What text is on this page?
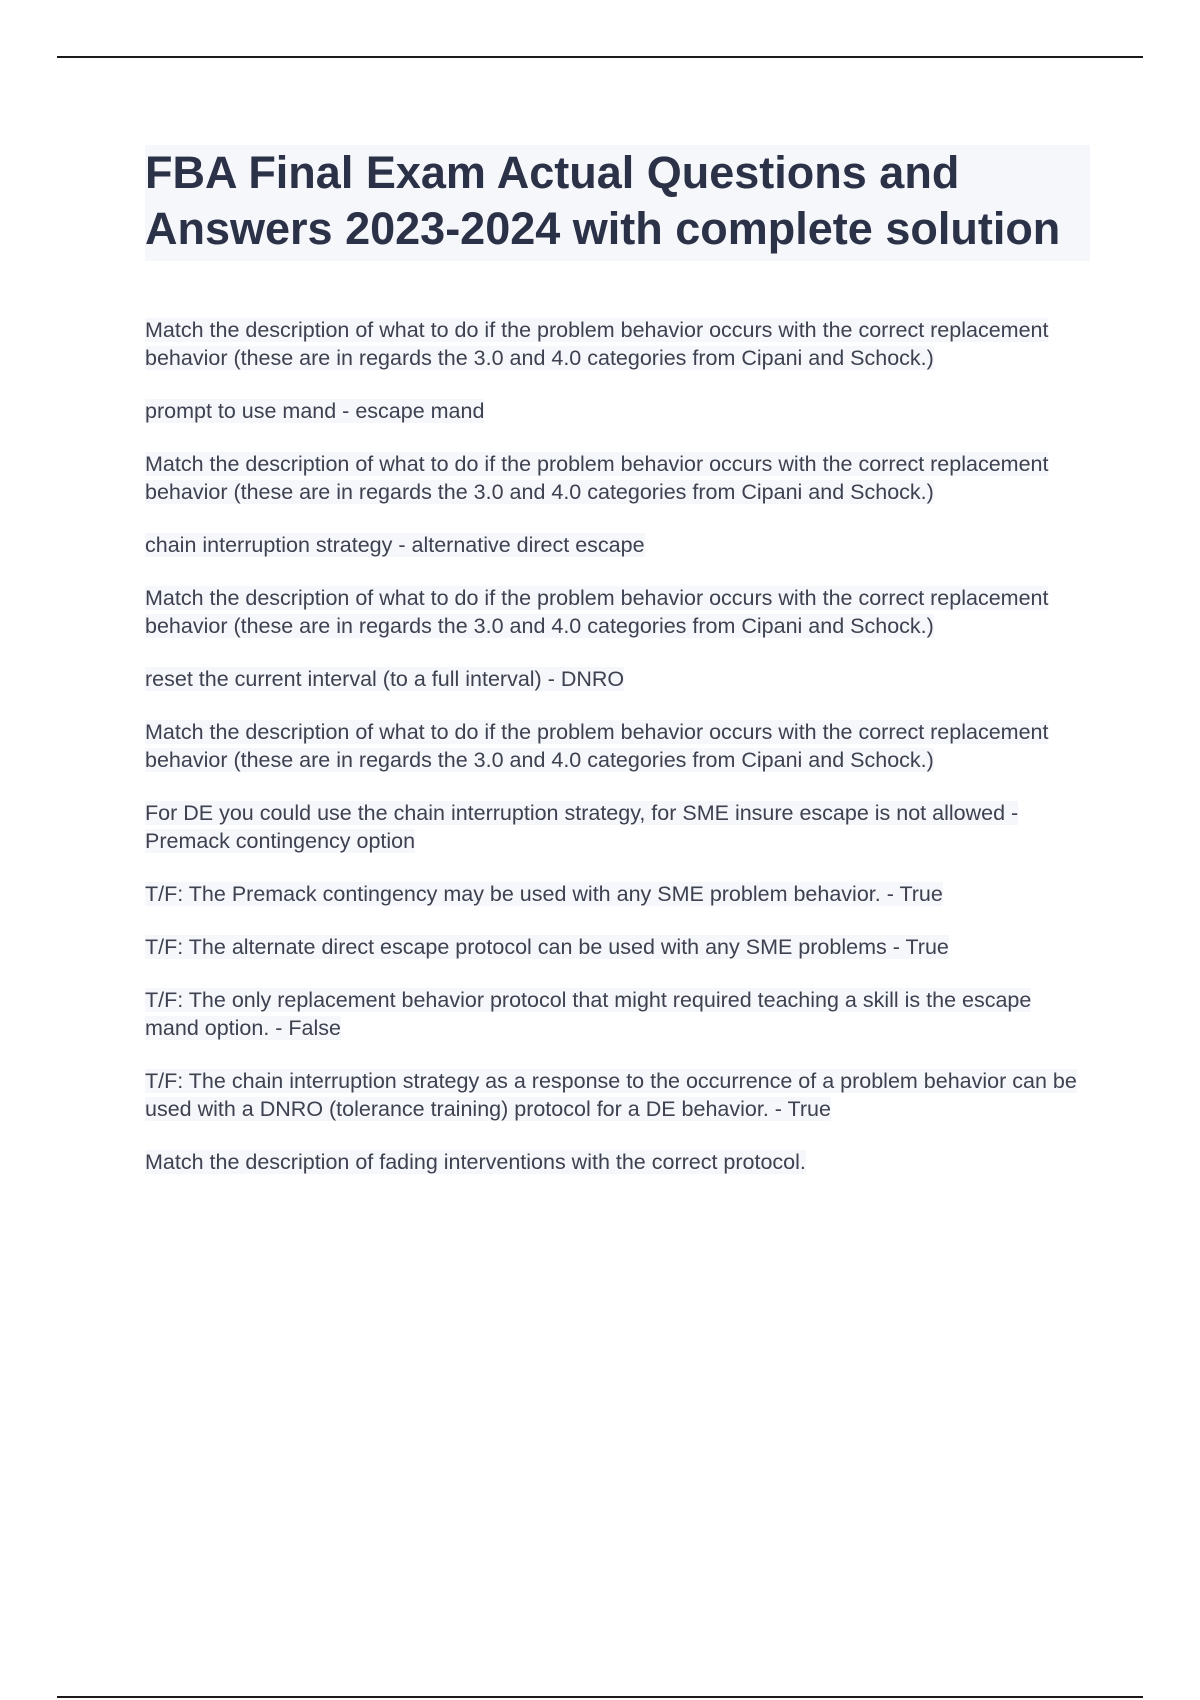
FBA Final Exam Actual Questions and Answers 2023-2024 with complete solution

Match the description of what to do if the problem behavior occurs with the correct replacement behavior (these are in regards the 3.0 and 4.0 categories from Cipani and Schock.)

prompt to use mand - escape mand

Match the description of what to do if the problem behavior occurs with the correct replacement behavior (these are in regards the 3.0 and 4.0 categories from Cipani and Schock.)

chain interruption strategy - alternative direct escape

Match the description of what to do if the problem behavior occurs with the correct replacement behavior (these are in regards the 3.0 and 4.0 categories from Cipani and Schock.)

reset the current interval (to a full interval) - DNRO

Match the description of what to do if the problem behavior occurs with the correct replacement behavior (these are in regards the 3.0 and 4.0 categories from Cipani and Schock.)

For DE you could use the chain interruption strategy, for SME insure escape is not allowed - Premack contingency option

T/F: The Premack contingency may be used with any SME problem behavior. - True

T/F: The alternate direct escape protocol can be used with any SME problems - True

T/F: The only replacement behavior protocol that might required teaching a skill is the escape mand option. - False

T/F: The chain interruption strategy as a response to the occurrence of a problem behavior can be used with a DNRO (tolerance training) protocol for a DE behavior. - True

Match the description of fading interventions with the correct protocol.
